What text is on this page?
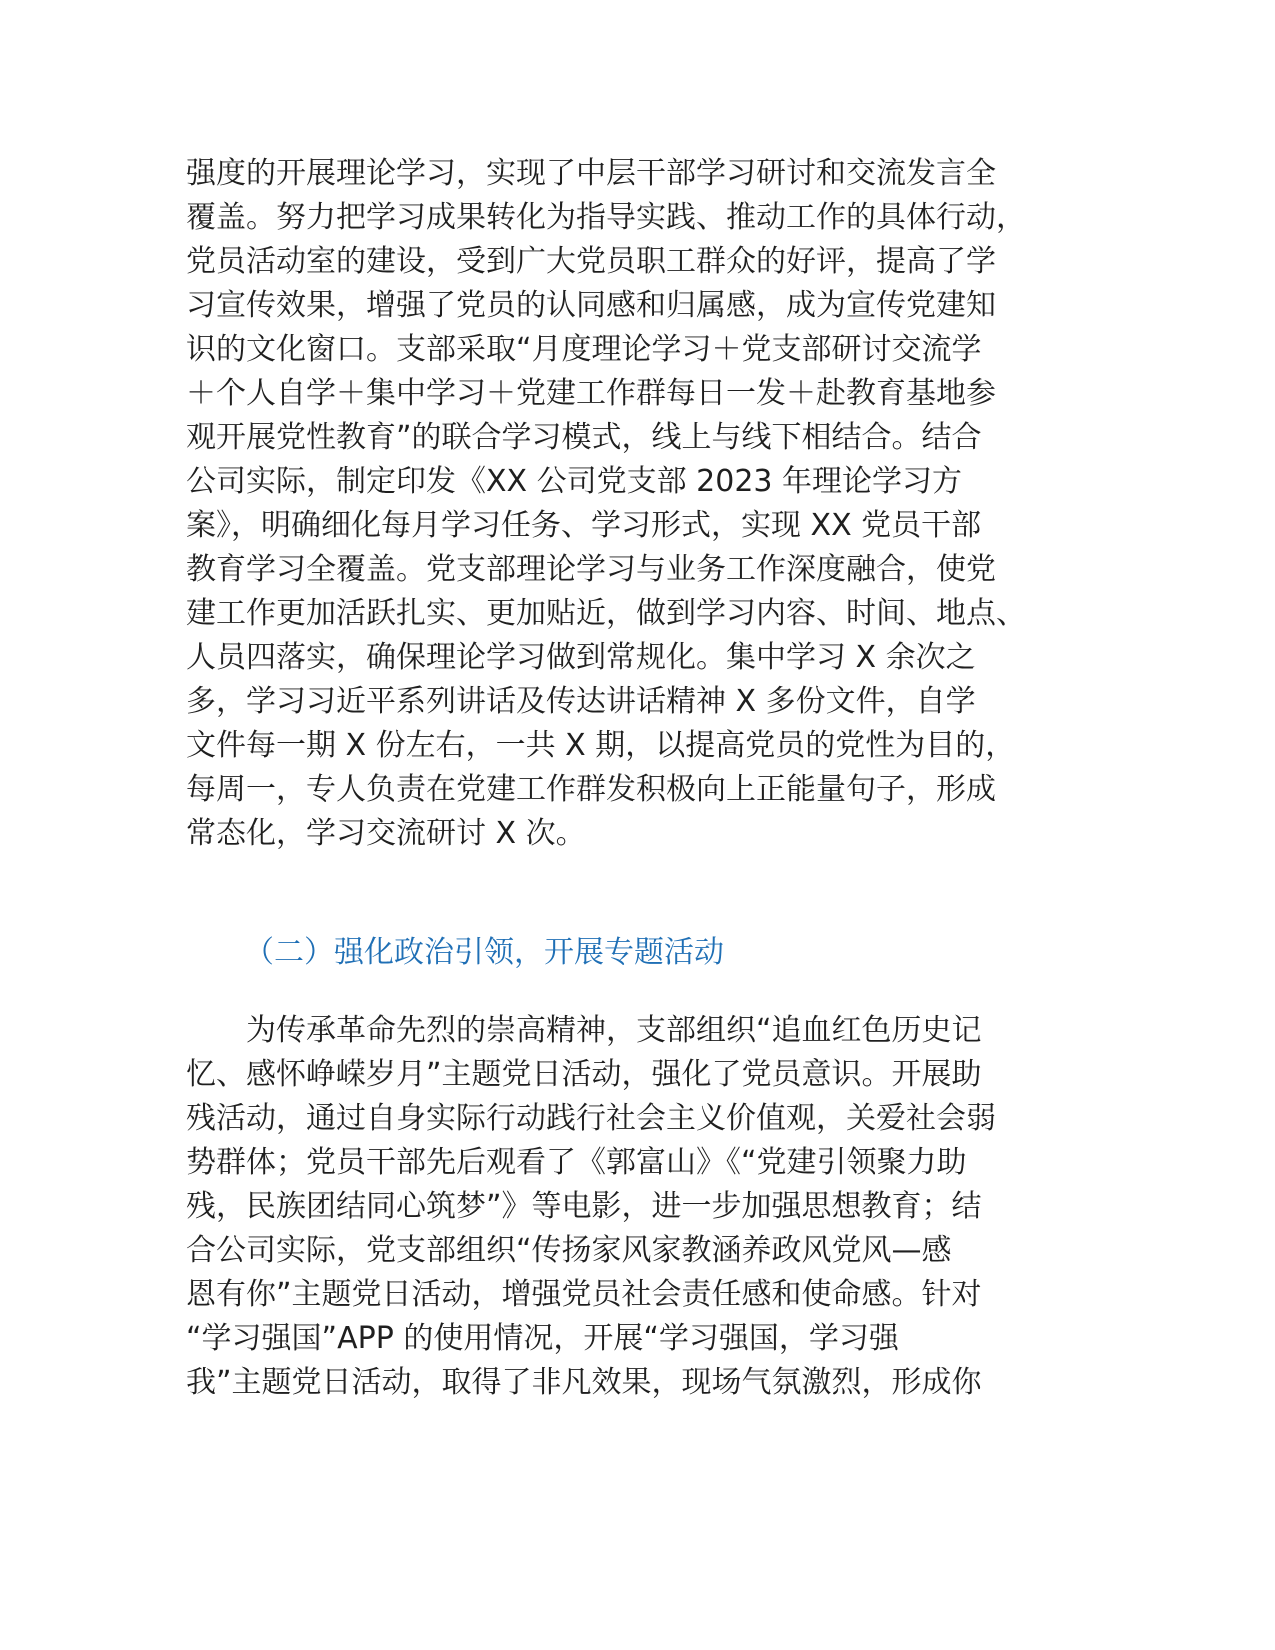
强度的开展理论学习，实现了中层干部学习研讨和交流发言全
覆盖。努力把学习成果转化为指导实践、推动工作的具体行动，
党员活动室的建设，受到广大党员职工群众的好评，提高了学
习宣传效果，增强了党员的认同感和归属感，成为宣传党建知
识的文化窗口。支部采取“月度理论学习＋党支部研讨交流学
＋个人自学＋集中学习＋党建工作群每日一发＋赴教育基地参
观开展党性教育”的联合学习模式，线上与线下相结合。结合
公司实际，制定印发《XX 公司党支部 2023 年理论学习方
案》，明确细化每月学习任务、学习形式，实现 XX 党员干部
教育学习全覆盖。党支部理论学习与业务工作深度融合，使党
建工作更加活跃扎实、更加贴近，做到学习内容、时间、地点、
人员四落实，确保理论学习做到常规化。集中学习 X 余次之
多，学习习近平系列讲话及传达讲话精神 X 多份文件，自学
文件每一期 X 份左右，一共 X 期，以提高党员的党性为目的，
每周一，专人负责在党建工作群发积极向上正能量句子，形成
常态化，学习交流研讨 X 次。
（二）强化政治引领，开展专题活动
为传承革命先烈的崇高精神，支部组织“追血红色历史记
忆、感怀峥嵘岁月”主题党日活动，强化了党员意识。开展助
残活动，通过自身实际行动践行社会主义价值观，关爱社会弱
势群体；党员干部先后观看了《郭富山》《“党建引领聚力助
残，民族团结同心筑梦”》等电影，进一步加强思想教育；结
合公司实际，党支部组织“传扬家风家教涵养政风党风—感
恩有你”主题党日活动，增强党员社会责任感和使命感。针对
“学习强国”APP 的使用情况，开展“学习强国，学习强
我”主题党日活动，取得了非凡效果，现场气氛激烈，形成你
